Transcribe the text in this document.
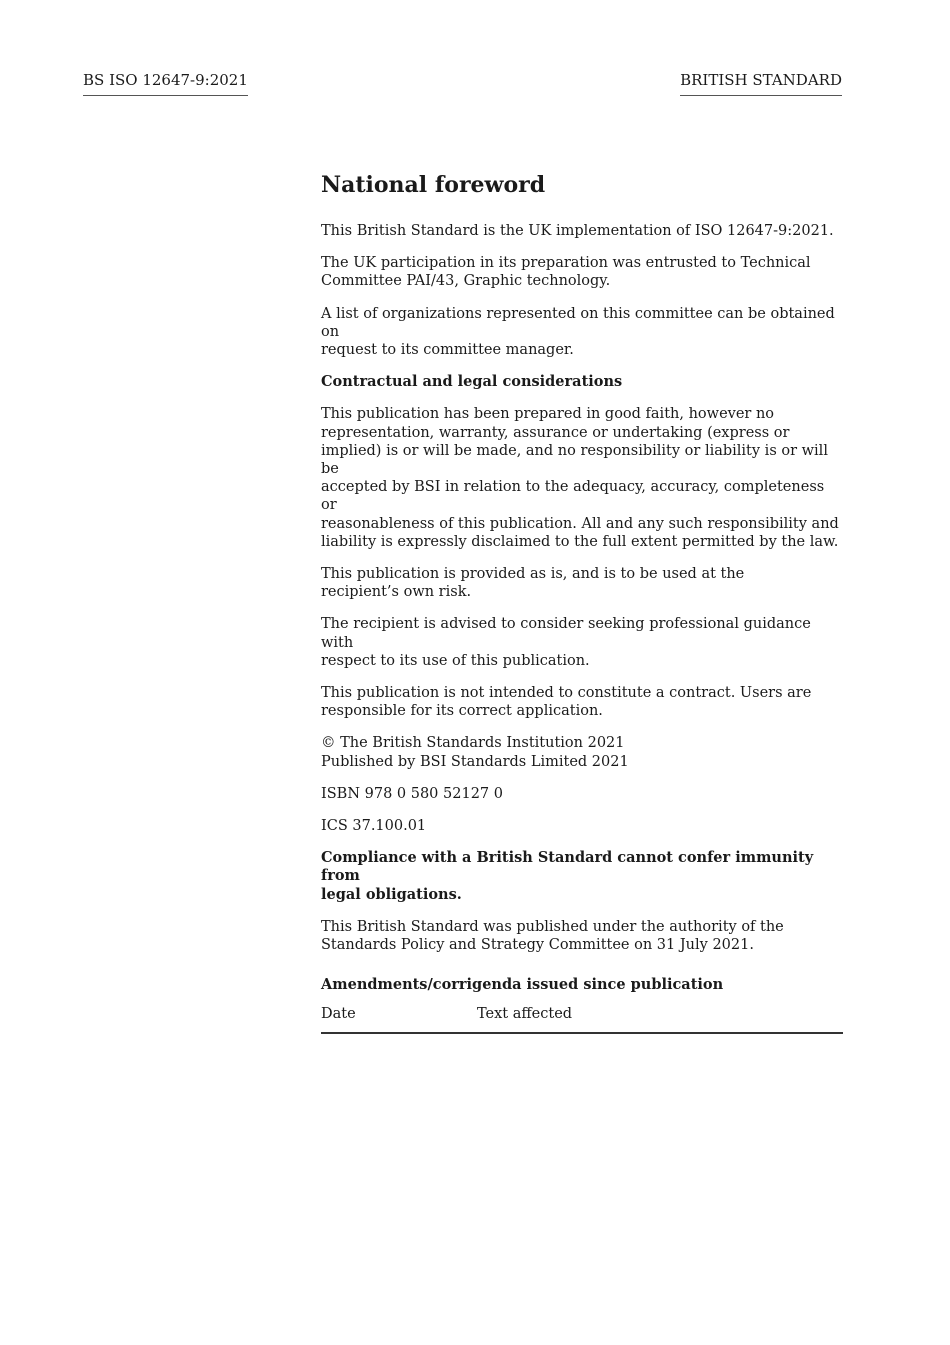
BS ISO 12647-9:2021	BRITISH STANDARD
National foreword

This British Standard is the UK implementation of ISO 12647-9:2021.

The UK participation in its preparation was entrusted to Technical
Committee PAI/43, Graphic technology.

A list of organizations represented on this committee can be obtained on
request to its committee manager.

Contractual and legal considerations

This publication has been prepared in good faith, however no
representation, warranty, assurance or undertaking (express or
implied) is or will be made, and no responsibility or liability is or will be
accepted by BSI in relation to the adequacy, accuracy, completeness or
reasonableness of this publication. All and any such responsibility and
liability is expressly disclaimed to the full extent permitted by the law.

This publication is provided as is, and is to be used at the
recipient’s own risk.

The recipient is advised to consider seeking professional guidance with
respect to its use of this publication.

This publication is not intended to constitute a contract. Users are
responsible for its correct application.

© The British Standards Institution 2021
Published by BSI Standards Limited 2021

ISBN 978 0 580 52127 0

ICS 37.100.01

Compliance with a British Standard cannot confer immunity from
legal obligations.

This British Standard was published under the authority of the
Standards Policy and Strategy Committee on 31 July 2021.

Amendments/corrigenda issued since publication
Date	Text affected
